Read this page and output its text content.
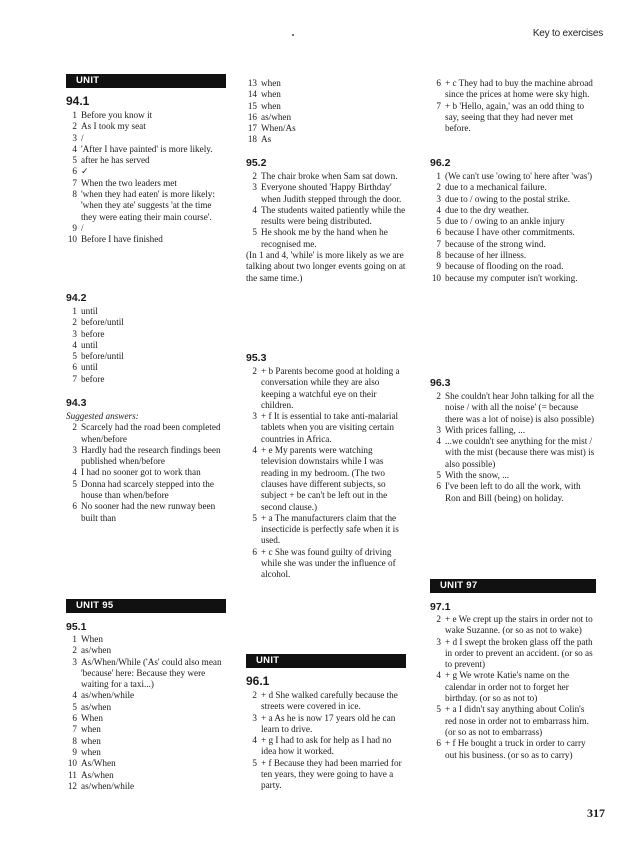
Key to exercises
UNIT
94.1
1 Before you know it
2 As I took my seat
3 /
4 'After I have painted' is more likely.
5 after he has served
6 ✓
7 When the two leaders met
8 'when they had eaten' is more likely: 'when they ate' suggests 'at the time they were eating their main course'.
9 /
10 Before I have finished
94.2
1 until
2 before/until
3 before
4 until
5 before/until
6 until
7 before
94.3
Suggested answers:
2 Scarcely had the road been completed when/before
3 Hardly had the research findings been published when/before
4 I had no sooner got to work than
5 Donna had scarcely stepped into the house than when/before
6 No sooner had the new runway been built than
UNIT 95
95.1
1 When
2 as/when
3 As/When/While ('As' could also mean 'because' here: Because they were waiting for a taxi...)
4 as/when/while
5 as/when
6 When
7 when
8 when
9 when
10 As/When
11 As/when
12 as/when/while
13 when
14 when
15 when
16 as/when
17 When/As
18 As
95.2
2 The chair broke when Sam sat down.
3 Everyone shouted 'Happy Birthday' when Judith stepped through the door.
4 The students waited patiently while the results were being distributed.
5 He shook me by the hand when he recognised me.
(In 1 and 4, 'while' is more likely as we are talking about two longer events going on at the same time.)
95.3
2 + b Parents become good at holding a conversation while they are also keeping a watchful eye on their children.
3 + f It is essential to take anti-malarial tablets when you are visiting certain countries in Africa.
4 + e My parents were watching television downstairs while I was reading in my bedroom. (The two clauses have different subjects, so subject + be can't be left out in the second clause.)
5 + a The manufacturers claim that the insecticide is perfectly safe when it is used.
6 + c She was found guilty of driving while she was under the influence of alcohol.
UNIT
96.1
2 + d She walked carefully because the streets were covered in ice.
3 + a As he is now 17 years old he can learn to drive.
4 + g I had to ask for help as I had no idea how it worked.
5 + f Because they had been married for ten years, they were going to have a party.
6 + c They had to buy the machine abroad since the prices at home were sky high.
7 + b 'Hello, again,' was an odd thing to say, seeing that they had never met before.
96.2
1 (We can't use 'owing to' here after 'was')
2 due to a mechanical failure.
3 due to / owing to the postal strike.
4 due to the dry weather.
5 due to / owing to an ankle injury
6 because I have other commitments.
7 because of the strong wind.
8 because of her illness.
9 because of flooding on the road.
10 because my computer isn't working.
96.3
2 She couldn't hear John talking for all the noise / with all the noise' (= because there was a lot of noise) is also possible)
3 With prices falling, ...
4 ...we couldn't see anything for the mist / with the mist (because there was mist) is also possible)
5 With the snow, ...
6 I've been left to do all the work, with Ron and Bill (being) on holiday.
UNIT 97
97.1
2 + e We crept up the stairs in order not to wake Suzanne. (or so as not to wake)
3 + d I swept the broken glass off the path in order to prevent an accident. (or so as to prevent)
4 + g We wrote Katie's name on the calendar in order not to forget her birthday. (or so as not to)
5 + a I didn't say anything about Colin's red nose in order not to embarrass him. (or so as not to embarrass)
6 + f He bought a truck in order to carry out his business. (or so as to carry)
317
